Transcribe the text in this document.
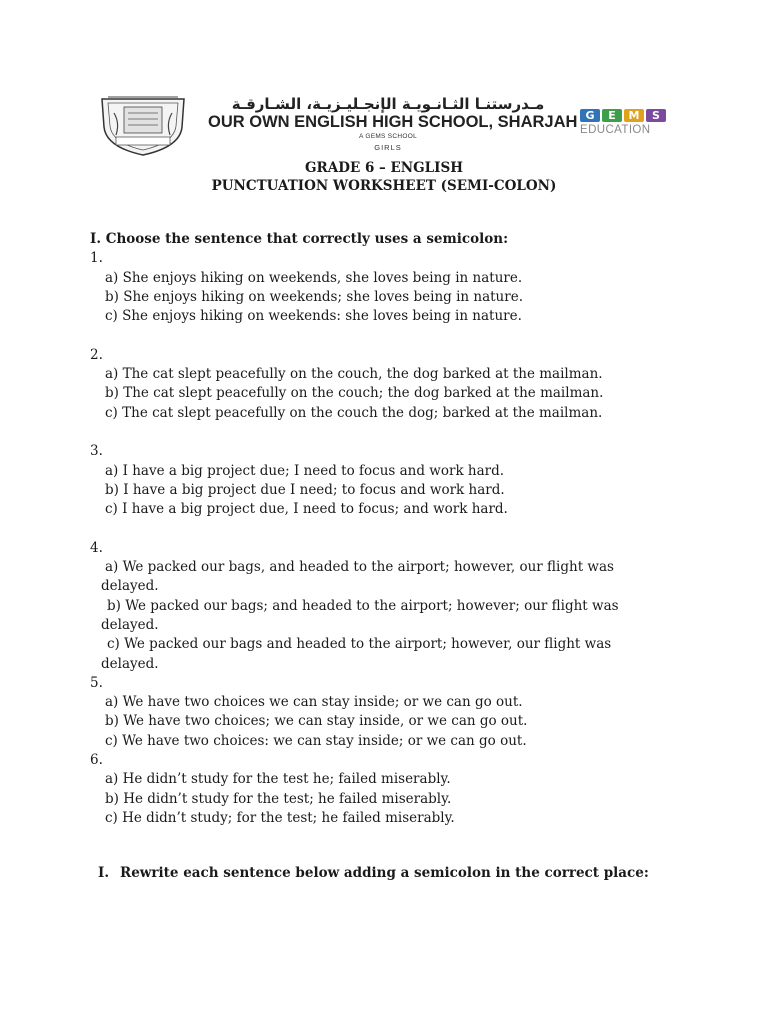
مـدرستنـا الثـانـويـة الإنجـليـزيـة، الشـارقـة
OUR OWN ENGLISH HIGH SCHOOL, SHARJAH
A GEMS SCHOOL
GIRLS
G	E	M	S
EDUCATION
GRADE 6 – ENGLISH
PUNCTUATION WORKSHEET (SEMI-COLON)
I. Choose the sentence that correctly uses a semicolon:
1.
a) She enjoys hiking on weekends, she loves being in nature.
b) She enjoys hiking on weekends; she loves being in nature.
c) She enjoys hiking on weekends: she loves being in nature.
2.
a) The cat slept peacefully on the couch, the dog barked at the mailman.
b) The cat slept peacefully on the couch; the dog barked at the mailman.
c) The cat slept peacefully on the couch the dog; barked at the mailman.
3.
a) I have a big project due; I need to focus and work hard.
b) I have a big project due I need; to focus and work hard.
c) I have a big project due, I need to focus; and work hard.
4.
a) We packed our bags, and headed to the airport; however, our flight was delayed.
b) We packed our bags; and headed to the airport; however; our flight was delayed.
c) We packed our bags and headed to the airport; however, our flight was delayed.
5.
a) We have two choices we can stay inside; or we can go out.
b) We have two choices; we can stay inside, or we can go out.
c) We have two choices: we can stay inside; or we can go out.
6.
a) He didn’t study for the test he; failed miserably.
b) He didn’t study for the test; he failed miserably.
c) He didn’t study; for the test; he failed miserably.
I. Rewrite each sentence below adding a semicolon in the correct place:
